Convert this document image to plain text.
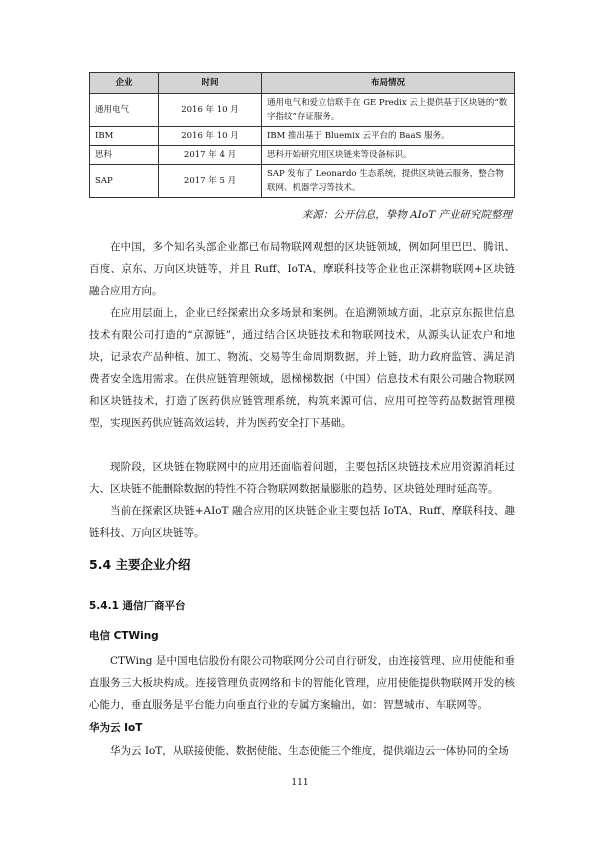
企业	时间	布局情况
通用电气	2016 年 10 月	通用电气和爱立信联手在 GE Predix 云上提供基于区块链的“数字指纹”存证服务。
IBM	2016 年 10 月	IBM 推出基于 Bluemix 云平台的 BaaS 服务。
思科	2017 年 4 月	思科开始研究用区块链来等设备标识。
SAP	2017 年 5 月	SAP 发布了 Leonardo 生态系统，提供区块链云服务，整合物联网、机器学习等技术。
来源：公开信息，挚物 AIoT 产业研究院整理

在中国，多个知名头部企业都已布局物联网观想的区块链领域，例如阿里巴巴、腾讯、百度、京东、万向区块链等，并且 Ruff、IoTA、摩联科技等企业也正深耕物联网+区块链融合应用方向。

在应用层面上，企业已经探索出众多场景和案例。在追溯领域方面，北京京东振世信息技术有限公司打造的“京源链”，通过结合区块链技术和物联网技术，从源头认证农户和地块，记录农产品种植、加工、物流、交易等生命周期数据，并上链，助力政府监管、满足消费者安全选用需求。在供应链管理领域，恩梯梯数据（中国）信息技术有限公司融合物联网和区块链技术，打造了医药供应链管理系统，构筑来源可信、应用可控等药品数据管理模型，实现医药供应链高效运转，并为医药安全打下基础。

现阶段，区块链在物联网中的应用还面临着问题，主要包括区块链技术应用资源消耗过大、区块链不能删除数据的特性不符合物联网数据量膨胀的趋势、区块链处理时延高等。

当前在探索区块链+AIoT 融合应用的区块链企业主要包括 IoTA、Ruff、摩联科技、趣链科技、万向区块链等。

5.4 主要企业介绍
5.4.1 通信厂商平台
电信 CTWing

CTWing 是中国电信股份有限公司物联网分公司自行研发，由连接管理、应用使能和垂直服务三大板块构成。连接管理负责网络和卡的智能化管理，应用使能提供物联网开发的核心能力，垂直服务是平台能力向垂直行业的专属方案输出，如：智慧城市、车联网等。

华为云 IoT

华为云 IoT，从联接使能、数据使能、生态使能三个维度，提供端边云一体协同的全场

111
